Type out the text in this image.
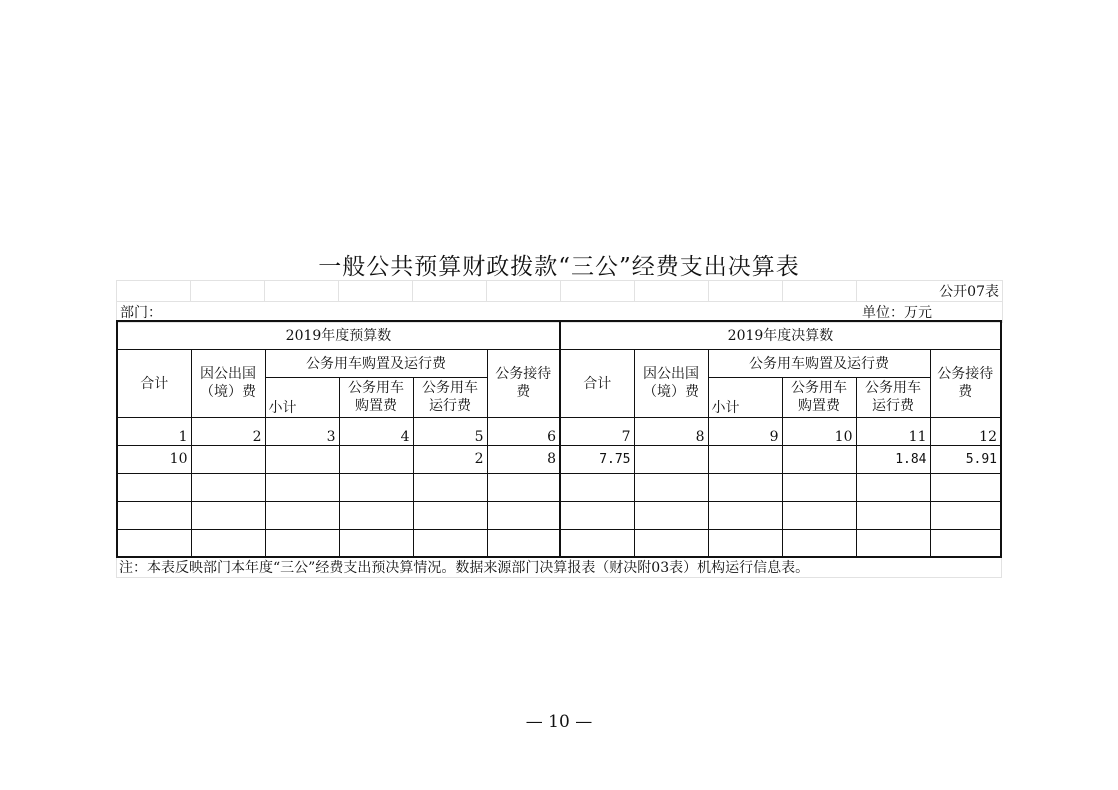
一般公共预算财政拨款“三公”经费支出决算表
										公开07表
部门：									单位：万元	
2019年度预算数						2019年度决算数					
合计	因公出国（境）费	公务用车购置及运行费			公务接待费	合计	因公出国（境）费	公务用车购置及运行费			公务接待费
		小计	公务用车购置费	公务用车运行费				小计	公务用车购置费	公务用车运行费	
1	2	3	4	5	6	7	8	9	10	11	12
10				2	8	7.75				1.84	5.91

注：本表反映部门本年度“三公”经费支出预决算情况。数据来源部门决算报表（财决附03表）机构运行信息表。
— 10 —
